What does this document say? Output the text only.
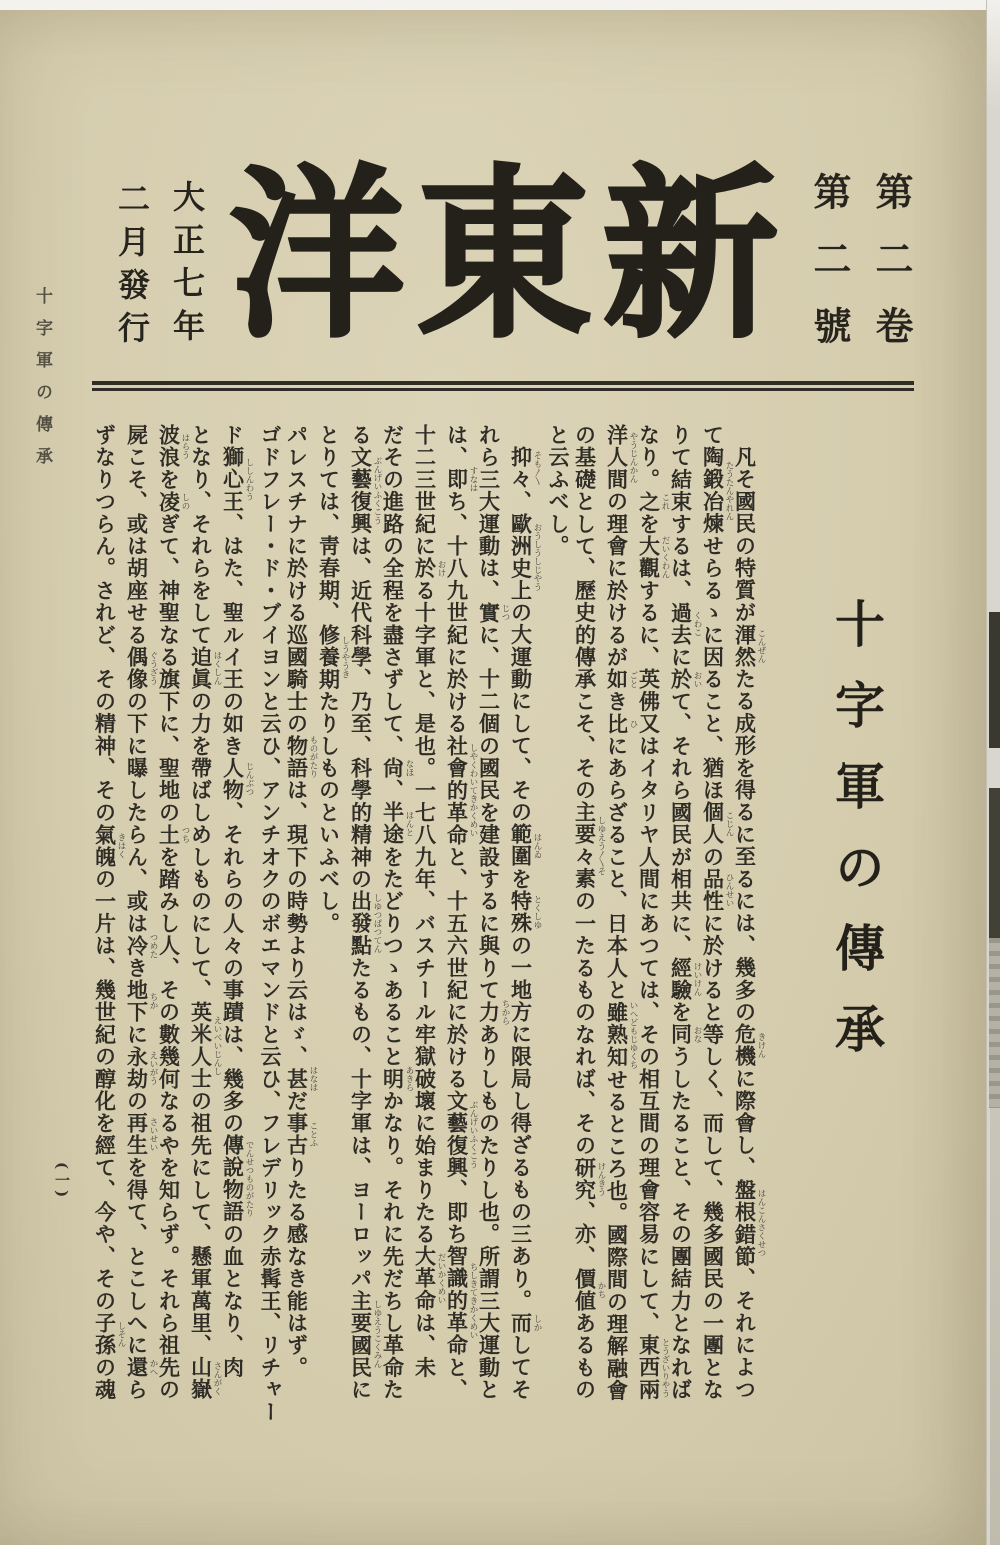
第二卷
第二號
新
東
洋
大正七年
二月發行
十字軍の傳承
十字軍の傳承
凡そ國民の特質が渾然こんぜんたる成形を得るに至るには、幾多の危機きけんに際會し、盤根錯節はんこんさくせつ、それによつ
て陶鍛冶煉たうたんやれんせらるゝに因ること、猶ほ個人こじんの品性ひんせいに於けると等しく、而して、幾多國民の一團とな
りて結束するは、過去くわこに於おいて、それら國民が相共に、經驗けいけんを同おなうしたること、その團結力となれば
なり。之これを大觀だいくわんするに、英佛又はイタリヤ人間にあつては、その相互間の理會容易にして、東西兩とうざいりやう
洋人間やうじんかんの理會に於けるが如ごとき比ひにあらざること、日本人と雖熟知いへどもじゆくちせるところ也。國際間の理解融會
の基礎として、歷史的傳承こそ、その主要々素しゆえう〳〵その一たるものなれば、その研究けんきう、亦、價値かちあるもの
と云ふべし。
抑々そも〳〵、歐洲史上おうしうしじやうの大運動にして、その範圍はんゐを特殊とくしゆの一地方に限局し得ざるもの三あり。而しかしてそ
れら三大運動は、實じつに、十二個の國民を建設するに與りて力ちからありしものたりし也。所謂三大運動と
は、即すなはち、十八九世紀に於ける社會的革命しやくわいてきかくめいと、十五六世紀に於ける文藝復興ぶんげいふくこう、即ち智識的革命ちしきてきかくめいと、
十二三世紀に於おける十字軍と、是也。一七八九年、バスチール牢獄破壞に始まりたる大革命だいかくめいは、未
だその進路の全程を盡さずして、尙なほ、半途はんとをたどりつゝあること明あきらかなり。それに先だちし革命た
る文藝復興ぶんげいふくこうは、近代科學、乃至、科學的精神の出發點しゆつぱつてんたるもの、十字軍は、ヨーロッパ主要國民しゆえうこくみんに
とりては、靑春期、修養期しうやうきたりしものといふべし。
パレスチナに於ける巡國騎士の物語ものがたりは、現下の時勢より云はゞ、甚はなはだ事古ことふりたる感なき能はず。
ゴドフレー・ド・ブイヨンと云ひ、アンチオクのボエマンドと云ひ、フレデリック赤髯王、リチャー
ド獅心王ししんわう、はた、聖ルイ王の如き人物じんぶつ、それらの人々の事蹟は、幾多の傳說物語でんせつものがたりの血となり、肉
となり、それらをして迫眞はくしんの力を帶ばしめしものにして、英米人士えいべいじんしの祖先にして、懸軍萬里、山嶽さんがく
波浪はらうを凌しのぎて、神聖なる旗下に、聖地の土つちを踏みし人、その數幾何なるやを知らず。それら祖先の
屍こそ、或は胡座せる偶像ぐうざうの下に曝したらん、或は冷つめたき地下ちかに永劫えいがうの再生さいせいを得て、とこしへに還かへら
ずなりつらん。されど、その精神、その氣魄きはくの一片は、幾世紀の醇化を經て、今や、その子孫しそんの魂
(一)
